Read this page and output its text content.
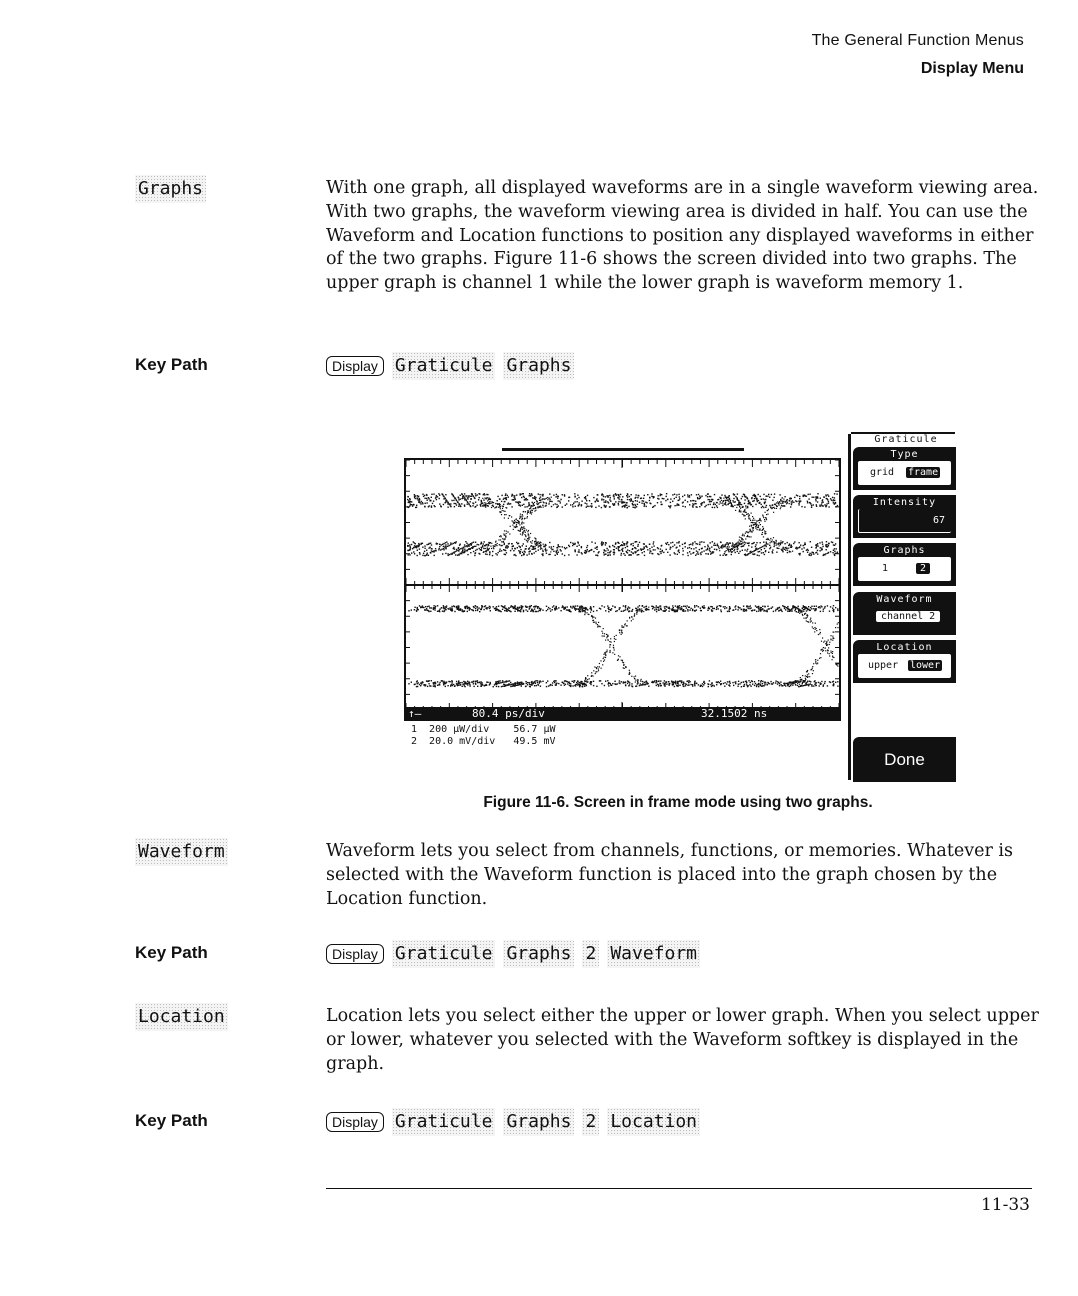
The General Function Menus
Display Menu
Graphs	With one graph, all displayed waveforms are in a single waveform viewing area. With two graphs, the waveform viewing area is divided in half. You can use the Waveform and Location functions to position any displayed waveforms in either of the two graphs. Figure 11-6 shows the screen divided into two graphs. The upper graph is channel 1 while the lower graph is waveform memory 1.

Key Path	Display Graticule Graphs
↑—	80.4 ps/div	32.1502 ns
1  200 µW/div    56.7 µW
2  20.0 mV/div   49.5 mV
Graticule
Type
grid frame
Intensity
67
Graphs
1	2
Waveform
channel 2
Location
upper lower
Done
Figure 11-6. Screen in frame mode using two graphs.
Waveform	Waveform lets you select from channels, functions, or memories. Whatever is selected with the Waveform function is placed into the graph chosen by the Location function.

Key Path	Display Graticule Graphs 2 Waveform
Location	Location lets you select either the upper or lower graph. When you select upper or lower, whatever you selected with the Waveform softkey is displayed in the graph.

Key Path	Display Graticule Graphs 2 Location
11-33
